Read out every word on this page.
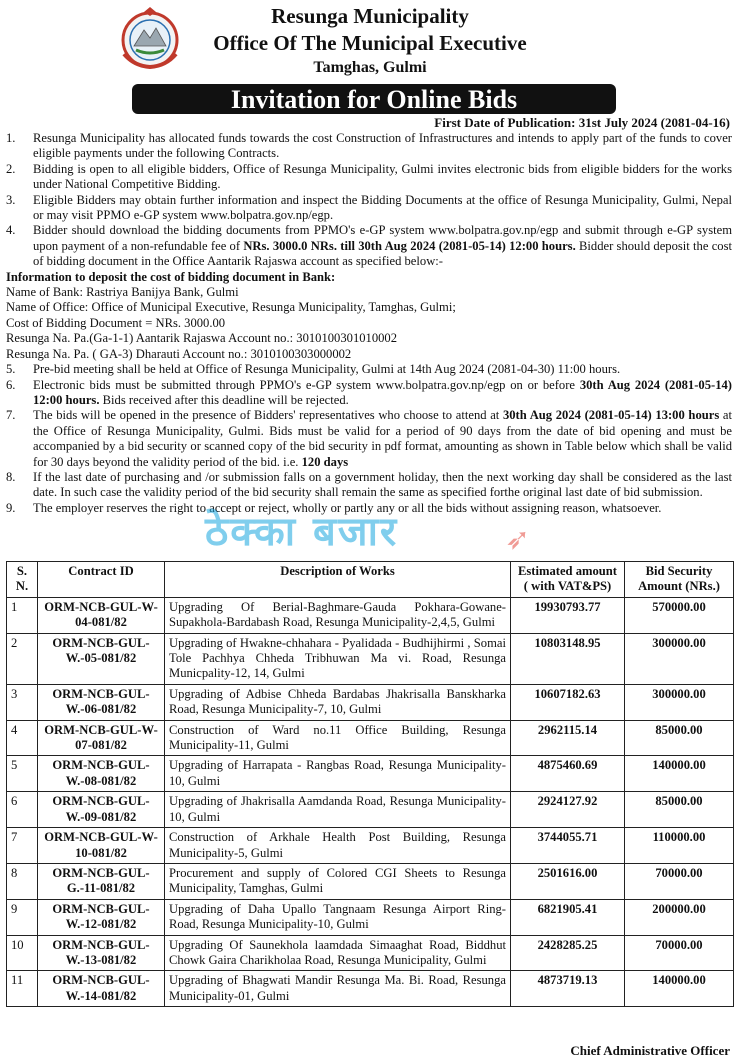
Resunga Municipality
Office Of The Municipal Executive
Tamghas, Gulmi
Invitation for Online Bids
First Date of Publication: 31st July 2024 (2081-04-16)
1. Resunga Municipality has allocated funds towards the cost Construction of Infrastructures and intends to apply part of the funds to cover eligible payments under the following Contracts.
2. Bidding is open to all eligible bidders, Office of Resunga Municipality, Gulmi invites electronic bids from eligible bidders for the works under National Competitive Bidding.
3. Eligible Bidders may obtain further information and inspect the Bidding Documents at the office of Resunga Municipality, Gulmi, Nepal or may visit PPMO e-GP system www.bolpatra.gov.np/egp.
4. Bidder should download the bidding documents from PPMO's e-GP system www.bolpatra.gov.np/egp and submit through e-GP system upon payment of a non-refundable fee of NRs. 3000.0 NRs. till 30th Aug 2024 (2081-05-14) 12:00 hours. Bidder should deposit the cost of bidding document in the Office Aantarik Rajaswa account as specified below:-
Information to deposit the cost of bidding document in Bank:
Name of Bank: Rastriya Banijya Bank, Gulmi
Name of Office: Office of Municipal Executive, Resunga Municipality, Tamghas, Gulmi;
Cost of Bidding Document = NRs. 3000.00
Resunga Na. Pa.(Ga-1-1) Aantarik Rajaswa Account no.: 3010100301010002
Resunga Na. Pa. ( GA-3) Dharauti Account no.: 3010100303000002
5. Pre-bid meeting shall be held at Office of Resunga Municipality, Gulmi at 14th Aug 2024 (2081-04-30) 11:00 hours.
6. Electronic bids must be submitted through PPMO's e-GP system www.bolpatra.gov.np/egp on or before 30th Aug 2024 (2081-05-14) 12:00 hours. Bids received after this deadline will be rejected.
7. The bids will be opened in the presence of Bidders' representatives who choose to attend at 30th Aug 2024 (2081-05-14) 13:00 hours at the Office of Resunga Municipality, Gulmi. Bids must be valid for a period of 90 days from the date of bid opening and must be accompanied by a bid security or scanned copy of the bid security in pdf format, amounting as shown in Table below which shall be valid for 30 days beyond the validity period of the bid. i.e. 120 days
8. If the last date of purchasing and /or submission falls on a government holiday, then the next working day shall be considered as the last date. In such case the validity period of the bid security shall remain the same as specified forthe original last date of bid submission.
9. The employer reserves the right to accept or reject, wholly or partly any or all the bids without assigning reason, whatsoever.
ठेक्का बजार	➶
S. N.	Contract ID	Description of Works	Estimated amount ( with VAT&PS)	Bid Security Amount (NRs.)
1	ORM-NCB-GUL-W-04-081/82	Upgrading Of Berial-Baghmare-Gauda Pokhara-Gowane-Supakhola-Bardabash Road, Resunga Municipality-2,4,5, Gulmi	19930793.77	570000.00
2	ORM-NCB-GUL-W.-05-081/82	Upgrading of Hwakne-chhahara - Pyalidada - Budhijhirmi , Somai Tole Pachhya Chheda Tribhuwan Ma vi. Road, Resunga Municpality-12, 14, Gulmi	10803148.95	300000.00
3	ORM-NCB-GUL-W.-06-081/82	Upgrading of Adbise Chheda Bardabas Jhakrisalla Banskharka Road, Resunga Municipality-7, 10, Gulmi	10607182.63	300000.00
4	ORM-NCB-GUL-W-07-081/82	Construction of Ward no.11 Office Building, Resunga Municipality-11, Gulmi	2962115.14	85000.00
5	ORM-NCB-GUL-W.-08-081/82	Upgrading of Harrapata - Rangbas Road, Resunga Municipality-10, Gulmi	4875460.69	140000.00
6	ORM-NCB-GUL-W.-09-081/82	Upgrading of Jhakrisalla Aamdanda Road, Resunga Municipality-10, Gulmi	2924127.92	85000.00
7	ORM-NCB-GUL-W-10-081/82	Construction of Arkhale Health Post Building, Resunga Municipality-5, Gulmi	3744055.71	110000.00
8	ORM-NCB-GUL-G.-11-081/82	Procurement and supply of Colored CGI Sheets to Resunga Municipality, Tamghas, Gulmi	2501616.00	70000.00
9	ORM-NCB-GUL-W.-12-081/82	Upgrading of Daha Upallo Tangnaam Resunga Airport Ring-Road, Resunga Municipality-10, Gulmi	6821905.41	200000.00
10	ORM-NCB-GUL-W.-13-081/82	Upgrading Of Saunekhola laamdada Simaaghat Road, Biddhut Chowk Gaira Charikholaa Road, Resunga Municipality, Gulmi	2428285.25	70000.00
11	ORM-NCB-GUL-W.-14-081/82	Upgrading of Bhagwati Mandir Resunga Ma. Bi. Road, Resunga Municipality-01, Gulmi	4873719.13	140000.00
Chief Administrative Officer
